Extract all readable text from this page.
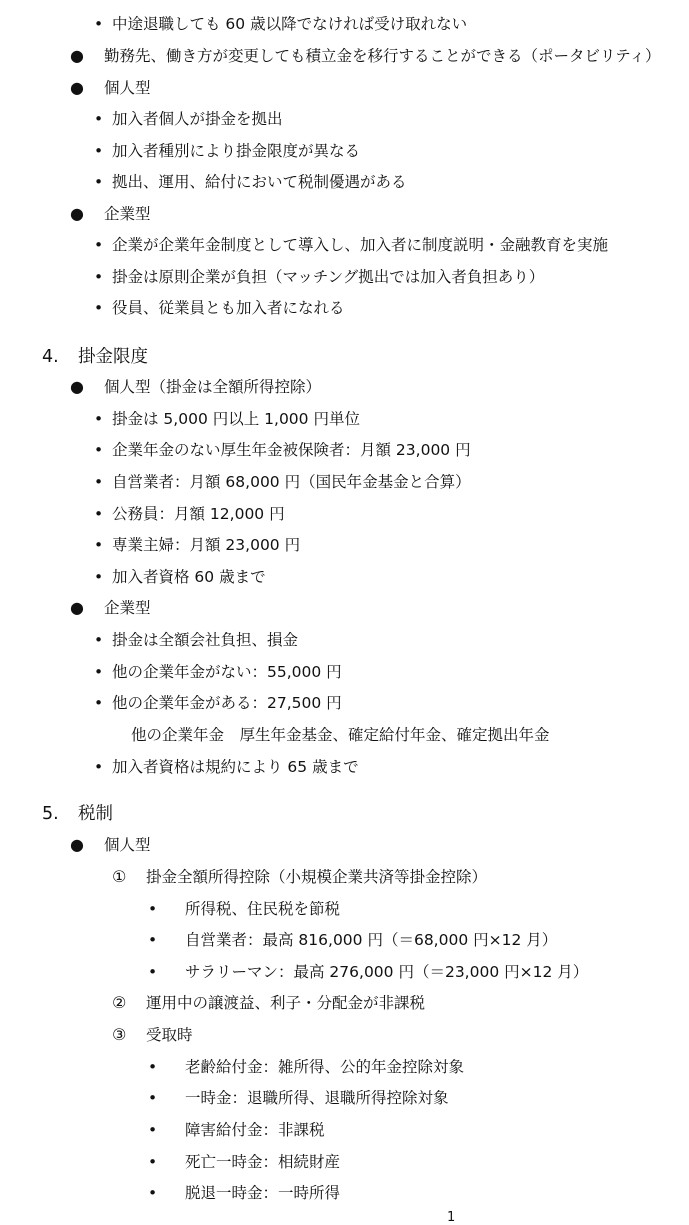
• 中途退職しても 60 歳以降でなければ受け取れない
● 勤務先、働き方が変更しても積立金を移行することができる（ポータビリティ）
● 個人型
• 加入者個人が掛金を拠出
• 加入者種別により掛金限度が異なる
• 拠出、運用、給付において税制優遇がある
● 企業型
• 企業が企業年金制度として導入し、加入者に制度説明・金融教育を実施
• 掛金は原則企業が負担（マッチング拠出では加入者負担あり）
• 役員、従業員とも加入者になれる
4. 掛金限度
● 個人型（掛金は全額所得控除）
• 掛金は 5,000 円以上 1,000 円単位
• 企業年金のない厚生年金被保険者：月額 23,000 円
• 自営業者：月額 68,000 円（国民年金基金と合算）
• 公務員：月額 12,000 円
• 専業主婦：月額 23,000 円
• 加入者資格 60 歳まで
● 企業型
• 掛金は全額会社負担、損金
• 他の企業年金がない：55,000 円
• 他の企業年金がある：27,500 円
他の企業年金　厚生年金基金、確定給付年金、確定拠出年金
• 加入者資格は規約により 65 歳まで
5. 税制
● 個人型
① 掛金全額所得控除（小規模企業共済等掛金控除）
• 所得税、住民税を節税
• 自営業者：最高 816,000 円（＝68,000 円×12 月）
• サラリーマン：最高 276,000 円（＝23,000 円×12 月）
② 運用中の譲渡益、利子・分配金が非課税
③ 受取時
• 老齢給付金：雑所得、公的年金控除対象
• 一時金：退職所得、退職所得控除対象
• 障害給付金：非課税
• 死亡一時金：相続財産
• 脱退一時金：一時所得
1
